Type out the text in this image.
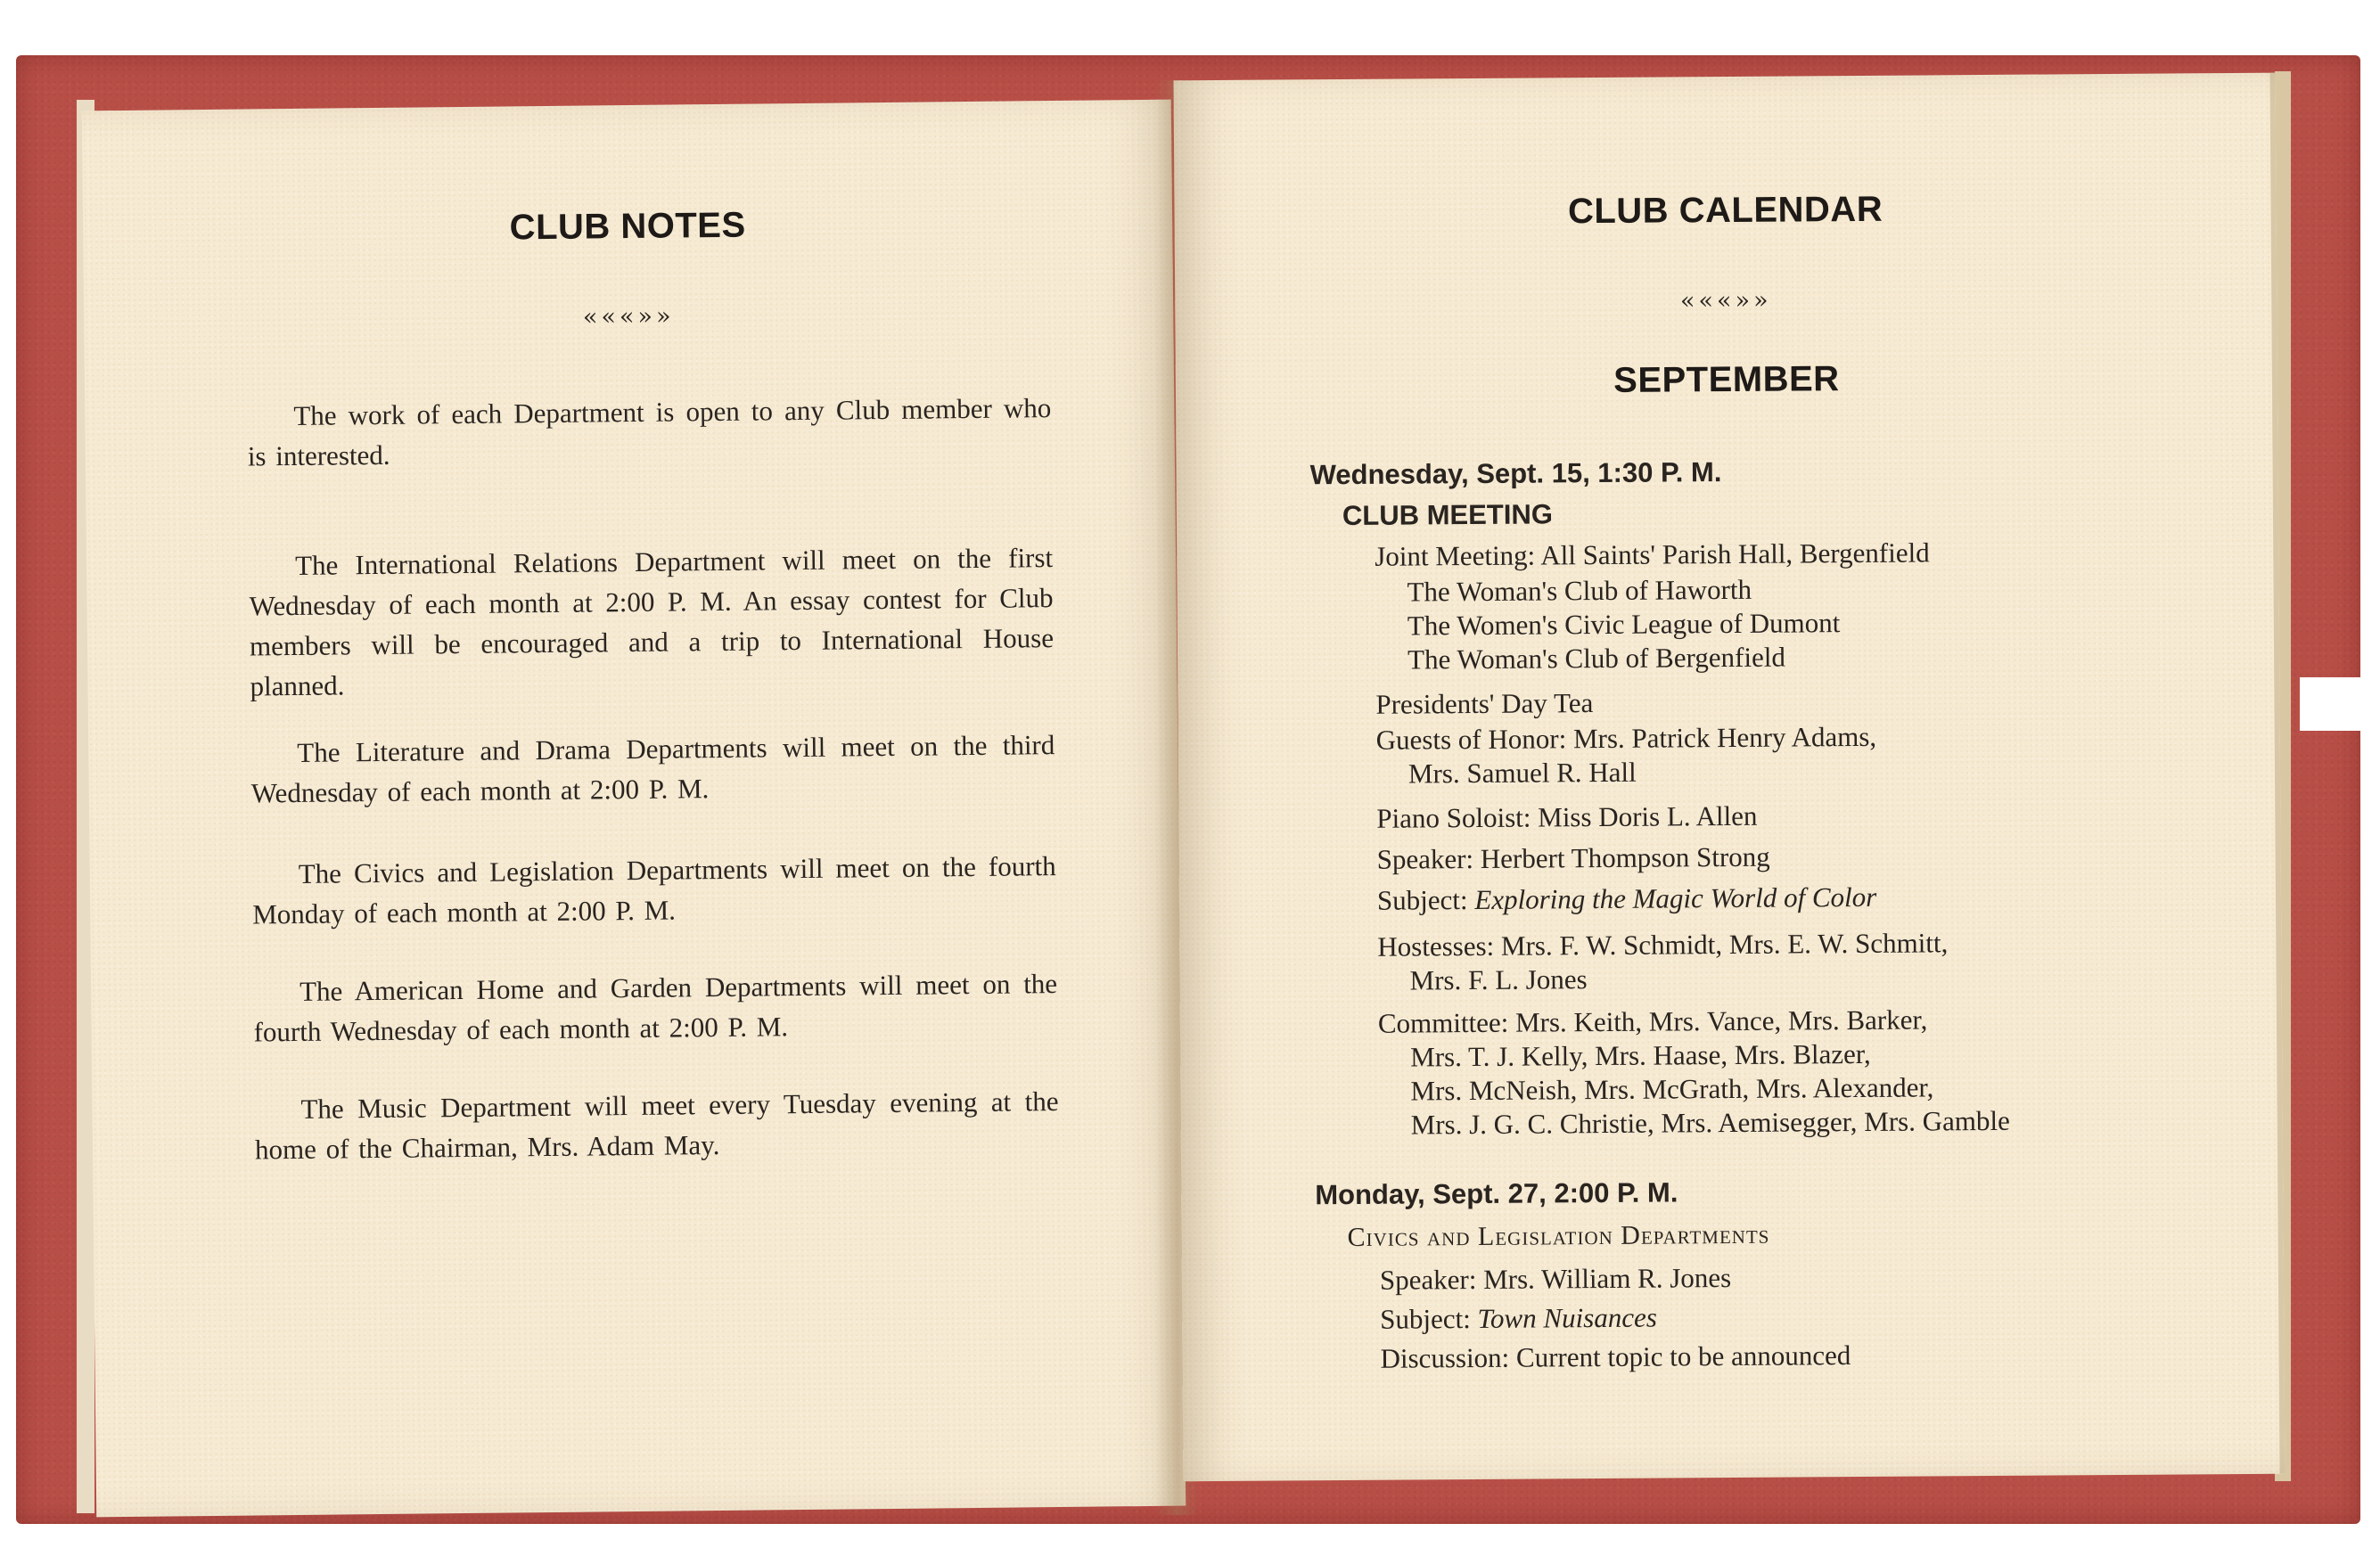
CLUB NOTES
«««»»
The work of each Department is open to any Club member who is interested.
The International Relations Department will meet on the first Wednesday of each month at 2:00 P. M. An essay contest for Club members will be encouraged and a trip to International House planned.
The Literature and Drama Departments will meet on the third Wednesday of each month at 2:00 P. M.
The Civics and Legislation Departments will meet on the fourth Monday of each month at 2:00 P. M.
The American Home and Garden Departments will meet on the fourth Wednesday of each month at 2:00 P. M.
The Music Department will meet every Tuesday evening at the home of the Chairman, Mrs. Adam May.
CLUB CALENDAR
«««»»
SEPTEMBER
Wednesday, Sept. 15, 1:30 P. M.
CLUB MEETING
Joint Meeting: All Saints' Parish Hall, Bergenfield
The Woman's Club of Haworth
The Women's Civic League of Dumont
The Woman's Club of Bergenfield
Presidents' Day Tea
Guests of Honor: Mrs. Patrick Henry Adams,
Mrs. Samuel R. Hall
Piano Soloist: Miss Doris L. Allen
Speaker: Herbert Thompson Strong
Subject: Exploring the Magic World of Color
Hostesses: Mrs. F. W. Schmidt, Mrs. E. W. Schmitt,
Mrs. F. L. Jones
Committee: Mrs. Keith, Mrs. Vance, Mrs. Barker,
Mrs. T. J. Kelly, Mrs. Haase, Mrs. Blazer,
Mrs. McNeish, Mrs. McGrath, Mrs. Alexander,
Mrs. J. G. C. Christie, Mrs. Aemisegger, Mrs. Gamble
Monday, Sept. 27, 2:00 P. M.
Civics and Legislation Departments
Speaker: Mrs. William R. Jones
Subject: Town Nuisances
Discussion: Current topic to be announced
